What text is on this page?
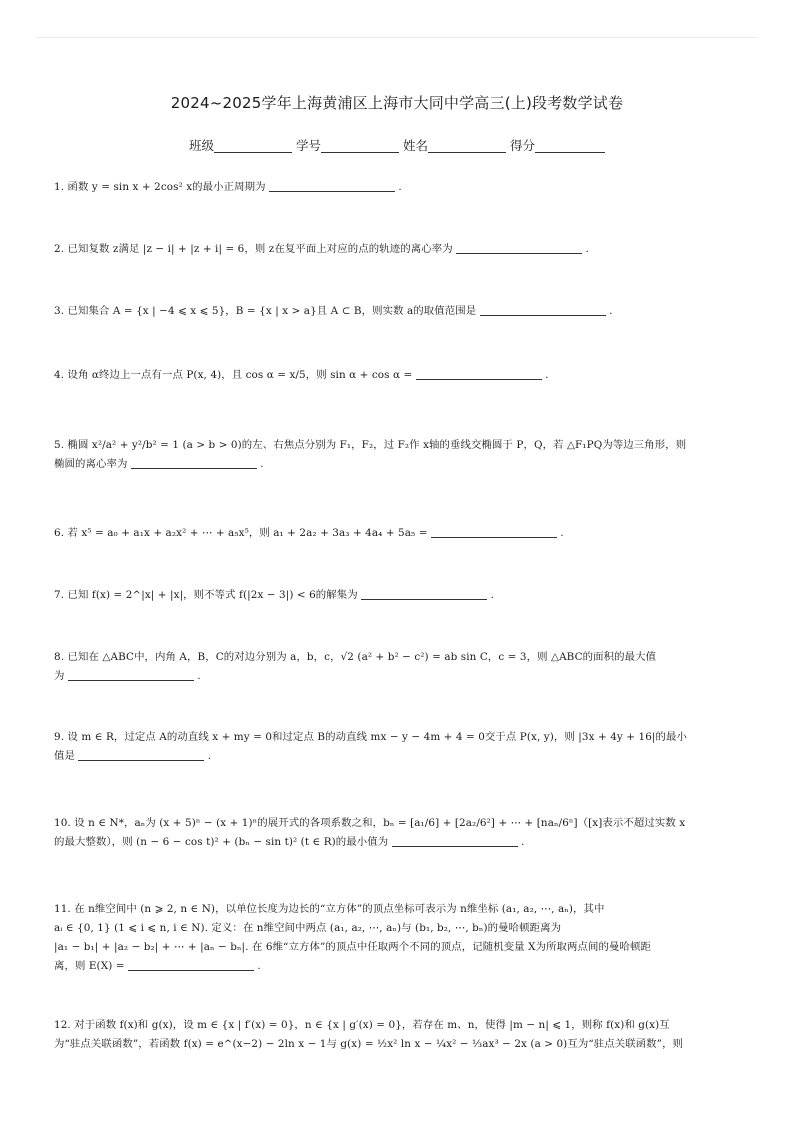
2024~2025学年上海黄浦区上海市大同中学高三(上)段考数学试卷
班级	学号	姓名	得分
1. 函数 y = sin x + 2cos² x的最小正周期为	.
2. 已知复数 z满足 |z − i| + |z + i| = 6，则 z在复平面上对应的点的轨迹的离心率为	.
3. 已知集合 A = {x | −4 ⩽ x ⩽ 5}，B = {x | x > a}且 A ⊂ B，则实数 a的取值范围是	.
4. 设角 α终边上一点有一点 P(x, 4)，且 cos α = x/5，则 sin α + cos α =	.
5. 椭圆 x²/a² + y²/b² = 1 (a > b > 0)的左、右焦点分别为 F₁，F₂，过 F₂作 x轴的垂线交椭圆于 P，Q，若 △F₁PQ为等边三角形，则
椭圆的离心率为	.
6. 若 x⁵ = a₀ + a₁x + a₂x² + ⋯ + a₅x⁵，则 a₁ + 2a₂ + 3a₃ + 4a₄ + 5a₅ =	.
7. 已知 f(x) = 2^|x| + |x|，则不等式 f(|2x − 3|) < 6的解集为	.
8. 已知在 △ABC中，内角 A，B，C的对边分别为 a，b，c，√2 (a² + b² − c²) = ab sin C，c = 3，则 △ABC的面积的最大值
为	.
9. 设 m ∈ R，过定点 A的动直线 x + my = 0和过定点 B的动直线 mx − y − 4m + 4 = 0交于点 P(x, y)，则 |3x + 4y + 16|的最小
值是	.
10. 设 n ∈ N*，aₙ为 (x + 5)ⁿ − (x + 1)ⁿ的展开式的各项系数之和，bₙ = [a₁/6] + [2a₂/6²] + ⋯ + [naₙ/6ⁿ]（[x]表示不超过实数 x
的最大整数），则 (n − 6 − cos t)² + (bₙ − sin t)² (t ∈ R)的最小值为	.
11. 在 n维空间中 (n ⩾ 2, n ∈ N)，以单位长度为边长的“立方体”的顶点坐标可表示为 n维坐标 (a₁, a₂, ⋯, aₙ)，其中
aᵢ ∈ {0, 1} (1 ⩽ i ⩽ n, i ∈ N). 定义：在 n维空间中两点 (a₁, a₂, ⋯, aₙ)与 (b₁, b₂, ⋯, bₙ)的曼哈顿距离为
|a₁ − b₁| + |a₂ − b₂| + ⋯ + |aₙ − bₙ|. 在 6维“立方体”的顶点中任取两个不同的顶点，记随机变量 X为所取两点间的曼哈顿距
离，则 E(X) =	.
12. 对于函数 f(x)和 g(x)，设 m ∈ {x | f′(x) = 0}，n ∈ {x | g′(x) = 0}，若存在 m、n，使得 |m − n| ⩽ 1，则称 f(x)和 g(x)互
为“驻点关联函数”，若函数 f(x) = e^(x−2) − 2ln x − 1与 g(x) = ½x² ln x − ¼x² − ⅓ax³ − 2x (a > 0)互为“驻点关联函数”，则
